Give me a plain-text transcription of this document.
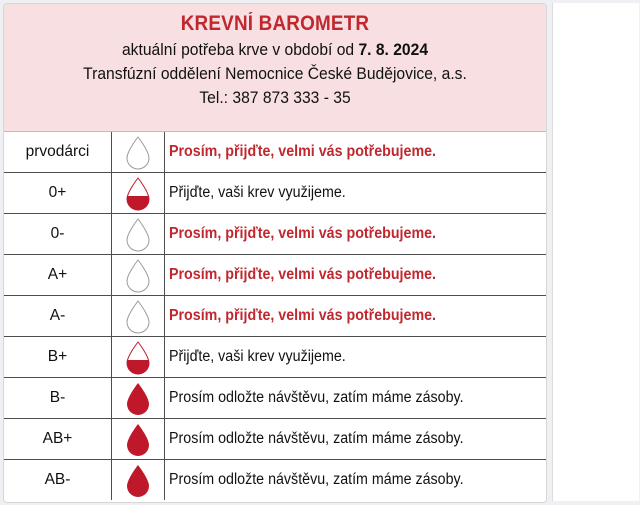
KREVNÍ BAROMETR
aktuální potřeba krve v období od 7. 8. 2024
Transfúzní oddělení Nemocnice České Budějovice, a.s.
Tel.: 387 873 333 - 35
prvodárci		Prosím, přijďte, velmi vás potřebujeme.
0+		Přijďte, vaši krev využijeme.
0-		Prosím, přijďte, velmi vás potřebujeme.
A+		Prosím, přijďte, velmi vás potřebujeme.
A-		Prosím, přijďte, velmi vás potřebujeme.
B+		Přijďte, vaši krev využijeme.
B-		Prosím odložte návštěvu, zatím máme zásoby.
AB+		Prosím odložte návštěvu, zatím máme zásoby.
AB-		Prosím odložte návštěvu, zatím máme zásoby.
